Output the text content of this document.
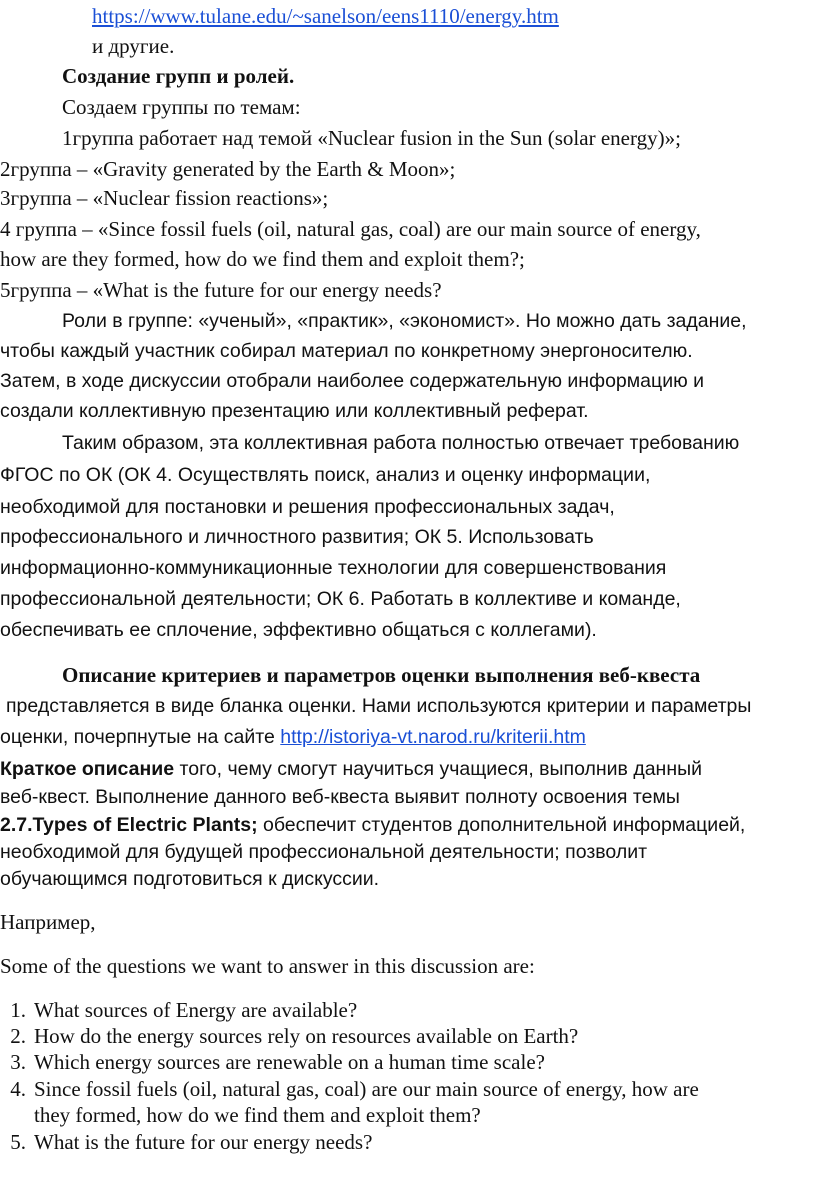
https://www.tulane.edu/~sanelson/eens1110/energy.htm
и другие.
Создание групп и ролей.
Создаем группы по темам:
1группа работает над темой «Nuclear fusion in the Sun (solar energy)»;
2группа – «Gravity generated by the Earth & Moon»;
3группа – «Nuclear fission reactions»;
4 группа – «Since fossil fuels (oil, natural gas, coal) are our main source of energy,
how are they formed, how do we find them and exploit them?;
5группа – «What is the future for our energy needs?
Роли в группе: «ученый», «практик», «экономист». Но можно дать задание,
чтобы каждый участник собирал материал по конкретному энергоносителю.
Затем, в ходе дискуссии отобрали наиболее содержательную информацию и
создали коллективную презентацию или коллективный реферат.
Таким образом, эта коллективная работа полностью отвечает требованию
ФГОС по ОК (ОК 4. Осуществлять поиск, анализ и оценку информации,
необходимой для постановки и решения профессиональных задач,
профессионального и личностного развития; ОК 5. Использовать
информационно-коммуникационные технологии для совершенствования
профессиональной деятельности; ОК 6. Работать в коллективе и команде,
обеспечивать ее сплочение, эффективно общаться с коллегами).
Описание критериев и параметров оценки выполнения веб-квеста
представляется в виде бланка оценки. Нами используются критерии и параметры
оценки, почерпнутые на сайте http://istoriya-vt.narod.ru/kriterii.htm
Краткое описание того, чему смогут научиться учащиеся, выполнив данный
веб-квест. Выполнение данного веб-квеста выявит полноту освоения темы
2.7.Types of Electric Plants; обеспечит студентов дополнительной информацией,
необходимой для будущей профессиональной деятельности; позволит
обучающимся подготовиться к дискуссии.
Например,
Some of the questions we want to answer in this discussion are:
1. What sources of Energy are available?
2. How do the energy sources rely on resources available on Earth?
3. Which energy sources are renewable on a human time scale?
4. Since fossil fuels (oil, natural gas, coal) are our main source of energy, how are
they formed, how do we find them and exploit them?
5. What is the future for our energy needs?
